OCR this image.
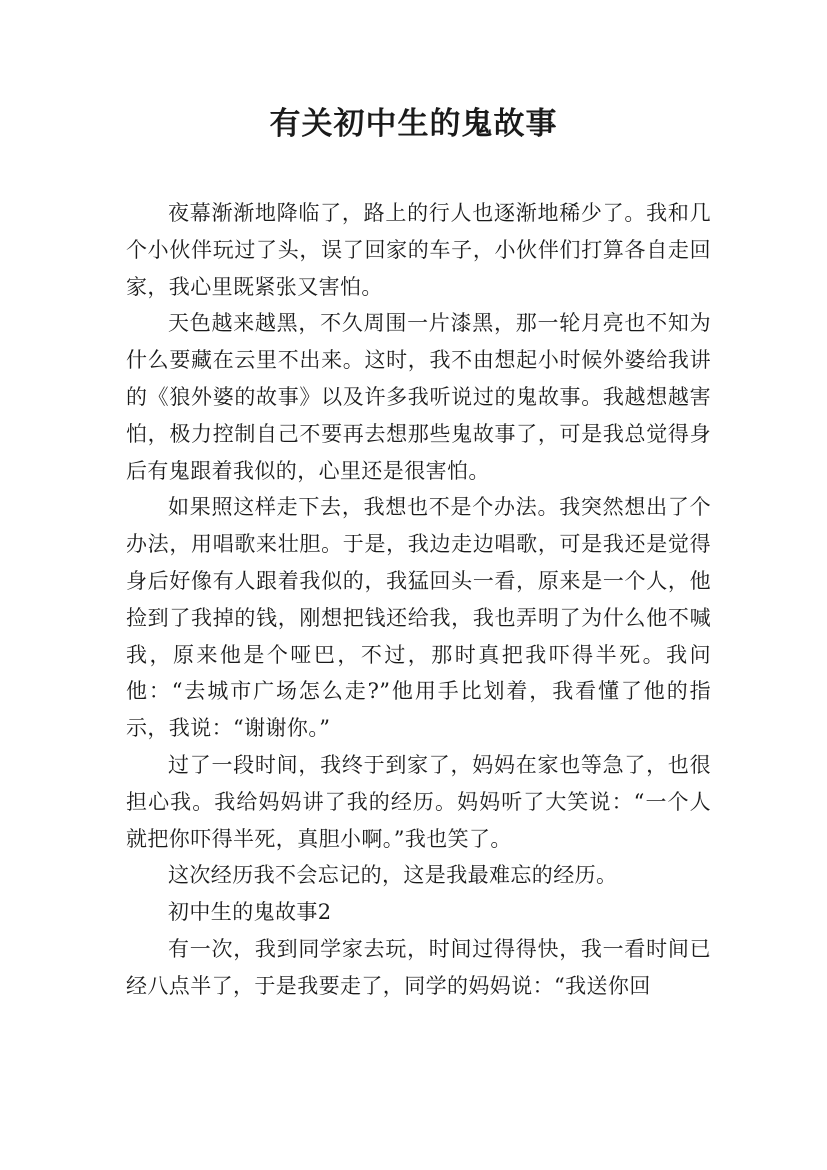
有关初中生的鬼故事

夜幕渐渐地降临了，路上的行人也逐渐地稀少了。我和几个小伙伴玩过了头，误了回家的车子，小伙伴们打算各自走回家，我心里既紧张又害怕。

天色越来越黑，不久周围一片漆黑，那一轮月亮也不知为什么要藏在云里不出来。这时，我不由想起小时候外婆给我讲的《狼外婆的故事》以及许多我听说过的鬼故事。我越想越害怕，极力控制自己不要再去想那些鬼故事了，可是我总觉得身后有鬼跟着我似的，心里还是很害怕。

如果照这样走下去，我想也不是个办法。我突然想出了个办法，用唱歌来壮胆。于是，我边走边唱歌，可是我还是觉得身后好像有人跟着我似的，我猛回头一看，原来是一个人，他捡到了我掉的钱，刚想把钱还给我，我也弄明了为什么他不喊我，原来他是个哑巴，不过，那时真把我吓得半死。我问他：“去城市广场怎么走?”他用手比划着，我看懂了他的指示，我说：“谢谢你。”

过了一段时间，我终于到家了，妈妈在家也等急了，也很担心我。我给妈妈讲了我的经历。妈妈听了大笑说：“一个人就把你吓得半死，真胆小啊。”我也笑了。

这次经历我不会忘记的，这是我最难忘的经历。

初中生的鬼故事2

有一次，我到同学家去玩，时间过得得快，我一看时间已经八点半了，于是我要走了，同学的妈妈说：“我送你回
